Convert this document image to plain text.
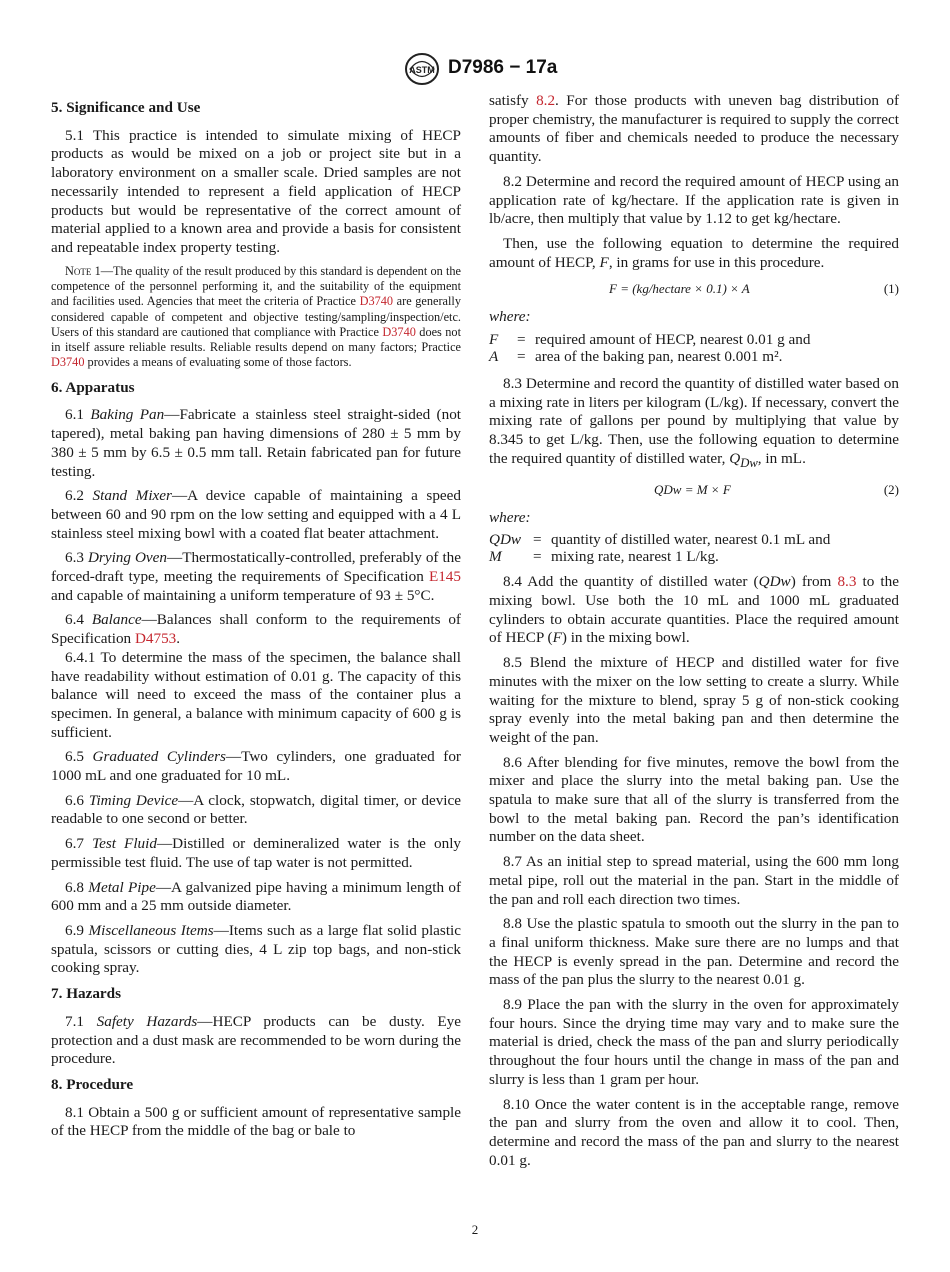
ASTM D7986 − 17a
5. Significance and Use

5.1 This practice is intended to simulate mixing of HECP products as would be mixed on a job or project site but in a laboratory environment on a smaller scale. Dried samples are not necessarily intended to represent a field application of HECP products but would be representative of the correct amount of material applied to a known area and provide a basis for consistent and repeatable index property testing.

Note 1—The quality of the result produced by this standard is dependent on the competence of the personnel performing it, and the suitability of the equipment and facilities used. Agencies that meet the criteria of Practice D3740 are generally considered capable of competent and objective testing/sampling/inspection/etc. Users of this standard are cautioned that compliance with Practice D3740 does not in itself assure reliable results. Reliable results depend on many factors; Practice D3740 provides a means of evaluating some of those factors.

6. Apparatus

6.1 Baking Pan—Fabricate a stainless steel straight-sided (not tapered), metal baking pan having dimensions of 280 ± 5 mm by 380 ± 5 mm by 6.5 ± 0.5 mm tall. Retain fabricated pan for future testing.

6.2 Stand Mixer—A device capable of maintaining a speed between 60 and 90 rpm on the low setting and equipped with a 4 L stainless steel mixing bowl with a coated flat beater attachment.

6.3 Drying Oven—Thermostatically-controlled, preferably of the forced-draft type, meeting the requirements of Specification E145 and capable of maintaining a uniform temperature of 93 ± 5°C.

6.4 Balance—Balances shall conform to the requirements of Specification D4753.

6.4.1 To determine the mass of the specimen, the balance shall have readability without estimation of 0.01 g. The capacity of this balance will need to exceed the mass of the container plus a specimen. In general, a balance with minimum capacity of 600 g is sufficient.

6.5 Graduated Cylinders—Two cylinders, one graduated for 1000 mL and one graduated for 10 mL.

6.6 Timing Device—A clock, stopwatch, digital timer, or device readable to one second or better.

6.7 Test Fluid—Distilled or demineralized water is the only permissible test fluid. The use of tap water is not permitted.

6.8 Metal Pipe—A galvanized pipe having a minimum length of 600 mm and a 25 mm outside diameter.

6.9 Miscellaneous Items—Items such as a large flat solid plastic spatula, scissors or cutting dies, 4 L zip top bags, and non-stick cooking spray.

7. Hazards

7.1 Safety Hazards—HECP products can be dusty. Eye protection and a dust mask are recommended to be worn during the procedure.

8. Procedure

8.1 Obtain a 500 g or sufficient amount of representative sample of the HECP from the middle of the bag or bale to

satisfy 8.2. For those products with uneven bag distribution of proper chemistry, the manufacturer is required to supply the correct amounts of fiber and chemicals needed to produce the necessary quantity.

8.2 Determine and record the required amount of HECP using an application rate of kg/hectare. If the application rate is given in lb/acre, then multiply that value by 1.12 to get kg/hectare.

Then, use the following equation to determine the required amount of HECP, F, in grams for use in this procedure.

F = (kg/hectare × 0.1) × A	(1)
where:
F	= required amount of HECP, nearest 0.01 g and
A	= area of the baking pan, nearest 0.001 m².

8.3 Determine and record the quantity of distilled water based on a mixing rate in liters per kilogram (L/kg). If necessary, convert the mixing rate of gallons per pound by multiplying that value by 8.345 to get L/kg. Then, use the following equation to determine the required quantity of distilled water, $Q_{Dw}$, in mL.

QDw = M × F	(2)
where:
QDw = quantity of distilled water, nearest 0.1 mL and
M	= mixing rate, nearest 1 L/kg.

8.4 Add the quantity of distilled water (QDw) from 8.3 to the mixing bowl. Use both the 10 mL and 1000 mL graduated cylinders to obtain accurate quantities. Place the required amount of HECP (F) in the mixing bowl.

8.5 Blend the mixture of HECP and distilled water for five minutes with the mixer on the low setting to create a slurry. While waiting for the mixture to blend, spray 5 g of non-stick cooking spray evenly into the metal baking pan and then determine the weight of the pan.

8.6 After blending for five minutes, remove the bowl from the mixer and place the slurry into the metal baking pan. Use the spatula to make sure that all of the slurry is transferred from the bowl to the metal baking pan. Record the pan’s identification number on the data sheet.

8.7 As an initial step to spread material, using the 600 mm long metal pipe, roll out the material in the pan. Start in the middle of the pan and roll each direction two times.

8.8 Use the plastic spatula to smooth out the slurry in the pan to a final uniform thickness. Make sure there are no lumps and that the HECP is evenly spread in the pan. Determine and record the mass of the pan plus the slurry to the nearest 0.01 g.

8.9 Place the pan with the slurry in the oven for approximately four hours. Since the drying time may vary and to make sure the material is dried, check the mass of the pan and slurry periodically throughout the four hours until the change in mass of the pan and slurry is less than 1 gram per hour.

8.10 Once the water content is in the acceptable range, remove the pan and slurry from the oven and allow it to cool. Then, determine and record the mass of the pan and slurry to the nearest 0.01 g.

2
